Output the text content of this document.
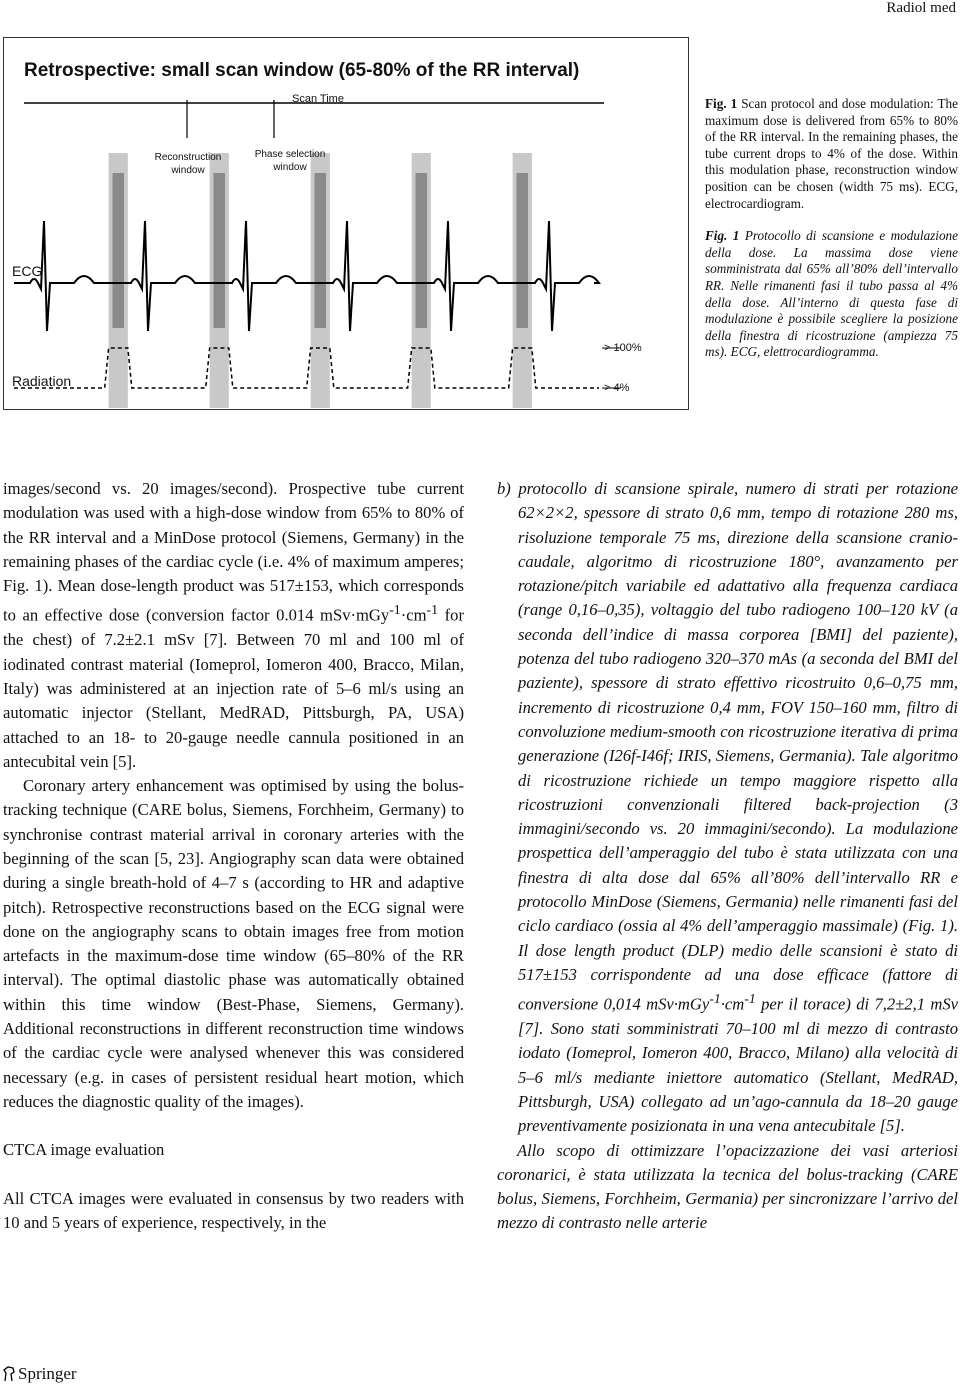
Radiol med
Retrospective: small scan window (65-80% of the RR interval)
Scan Time
Reconstruction
window
Phase selection
window
ECG
Radiation
> 100%
> 4%

Fig. 1 Scan protocol and dose modulation: The maximum dose is delivered from 65% to 80% of the RR interval. In the remaining phases, the tube current drops to 4% of the dose. Within this modulation phase, reconstruction window position can be chosen (width 75 ms). ECG, electrocardiogram.

Fig. 1 Protocollo di scansione e modulazione della dose. La massima dose viene somministrata dal 65% all’80% dell’intervallo RR. Nelle rimanenti fasi il tubo passa al 4% della dose. All’interno di questa fase di modulazione è possibile scegliere la posizione della finestra di ricostruzione (ampiezza 75 ms). ECG, elettrocardiogramma.

images/second vs. 20 images/second). Prospective tube current modulation was used with a high-dose window from 65% to 80% of the RR interval and a MinDose protocol (Siemens, Germany) in the remaining phases of the cardiac cycle (i.e. 4% of maximum amperes; Fig. 1). Mean dose-length product was 517±153, which corresponds to an effective dose (conversion factor 0.014 $mSv\cdot mGy^{-1}\cdot cm^{-1}$ for the chest) of 7.2±2.1 mSv [7]. Between 70 ml and 100 ml of iodinated contrast material (Iomeprol, Iomeron 400, Bracco, Milan, Italy) was administered at an injection rate of 5–6 ml/s using an automatic injector (Stellant, MedRAD, Pittsburgh, PA, USA) attached to an 18- to 20-gauge needle cannula positioned in an antecubital vein [5].

Coronary artery enhancement was optimised by using the bolus-tracking technique (CARE bolus, Siemens, Forchheim, Germany) to synchronise contrast material arrival in coronary arteries with the beginning of the scan [5, 23]. Angiography scan data were obtained during a single breath-hold of 4–7 s (according to HR and adaptive pitch). Retrospective reconstructions based on the ECG signal were done on the angiography scans to obtain images free from motion artefacts in the maximum-dose time window (65–80% of the RR interval). The optimal diastolic phase was automatically obtained within this time window (Best-Phase, Siemens, Germany). Additional reconstructions in different reconstruction time windows of the cardiac cycle were analysed whenever this was considered necessary (e.g. in cases of persistent residual heart motion, which reduces the diagnostic quality of the images).

CTCA image evaluation

All CTCA images were evaluated in consensus by two readers with 10 and 5 years of experience, respectively, in the

b) protocollo di scansione spirale, numero di strati per rotazione 62×2×2, spessore di strato 0,6 mm, tempo di rotazione 280 ms, risoluzione temporale 75 ms, direzione della scansione cranio-caudale, algoritmo di ricostruzione 180°, avanzamento per rotazione/pitch variabile ed adattativo alla frequenza cardiaca (range 0,16–0,35), voltaggio del tubo radiogeno 100–120 kV (a seconda dell’indice di massa corporea [BMI] del paziente), potenza del tubo radiogeno 320–370 mAs (a seconda del BMI del paziente), spessore di strato effettivo ricostruito 0,6–0,75 mm, incremento di ricostruzione 0,4 mm, FOV 150–160 mm, filtro di convoluzione medium-smooth con ricostruzione iterativa di prima generazione (I26f-I46f; IRIS, Siemens, Germania). Tale algoritmo di ricostruzione richiede un tempo maggiore rispetto alla ricostruzioni convenzionali filtered back-projection (3 immagini/secondo vs. 20 immagini/secondo). La modulazione prospettica dell’amperaggio del tubo è stata utilizzata con una finestra di alta dose dal 65% all’80% dell’intervallo RR e protocollo MinDose (Siemens, Germania) nelle rimanenti fasi del ciclo cardiaco (ossia al 4% dell’amperaggio massimale) (Fig. 1). Il dose length product (DLP) medio delle scansioni è stato di 517±153 corrispondente ad una dose efficace (fattore di conversione 0,014 $mSv\cdot mGy^{-1}\cdot cm^{-1}$ per il torace) di 7,2±2,1 mSv [7]. Sono stati somministrati 70–100 ml di mezzo di contrasto iodato (Iomeprol, Iomeron 400, Bracco, Milano) alla velocità di 5–6 ml/s mediante iniettore automatico (Stellant, MedRAD, Pittsburgh, USA) collegato ad un’ago-cannula da 18–20 gauge preventivamente posizionata in una vena antecubitale [5].

Allo scopo di ottimizzare l’opacizzazione dei vasi arteriosi coronarici, è stata utilizzata la tecnica del bolus-tracking (CARE bolus, Siemens, Forchheim, Germania) per sincronizzare l’arrivo del mezzo di contrasto nelle arterie

Springer
